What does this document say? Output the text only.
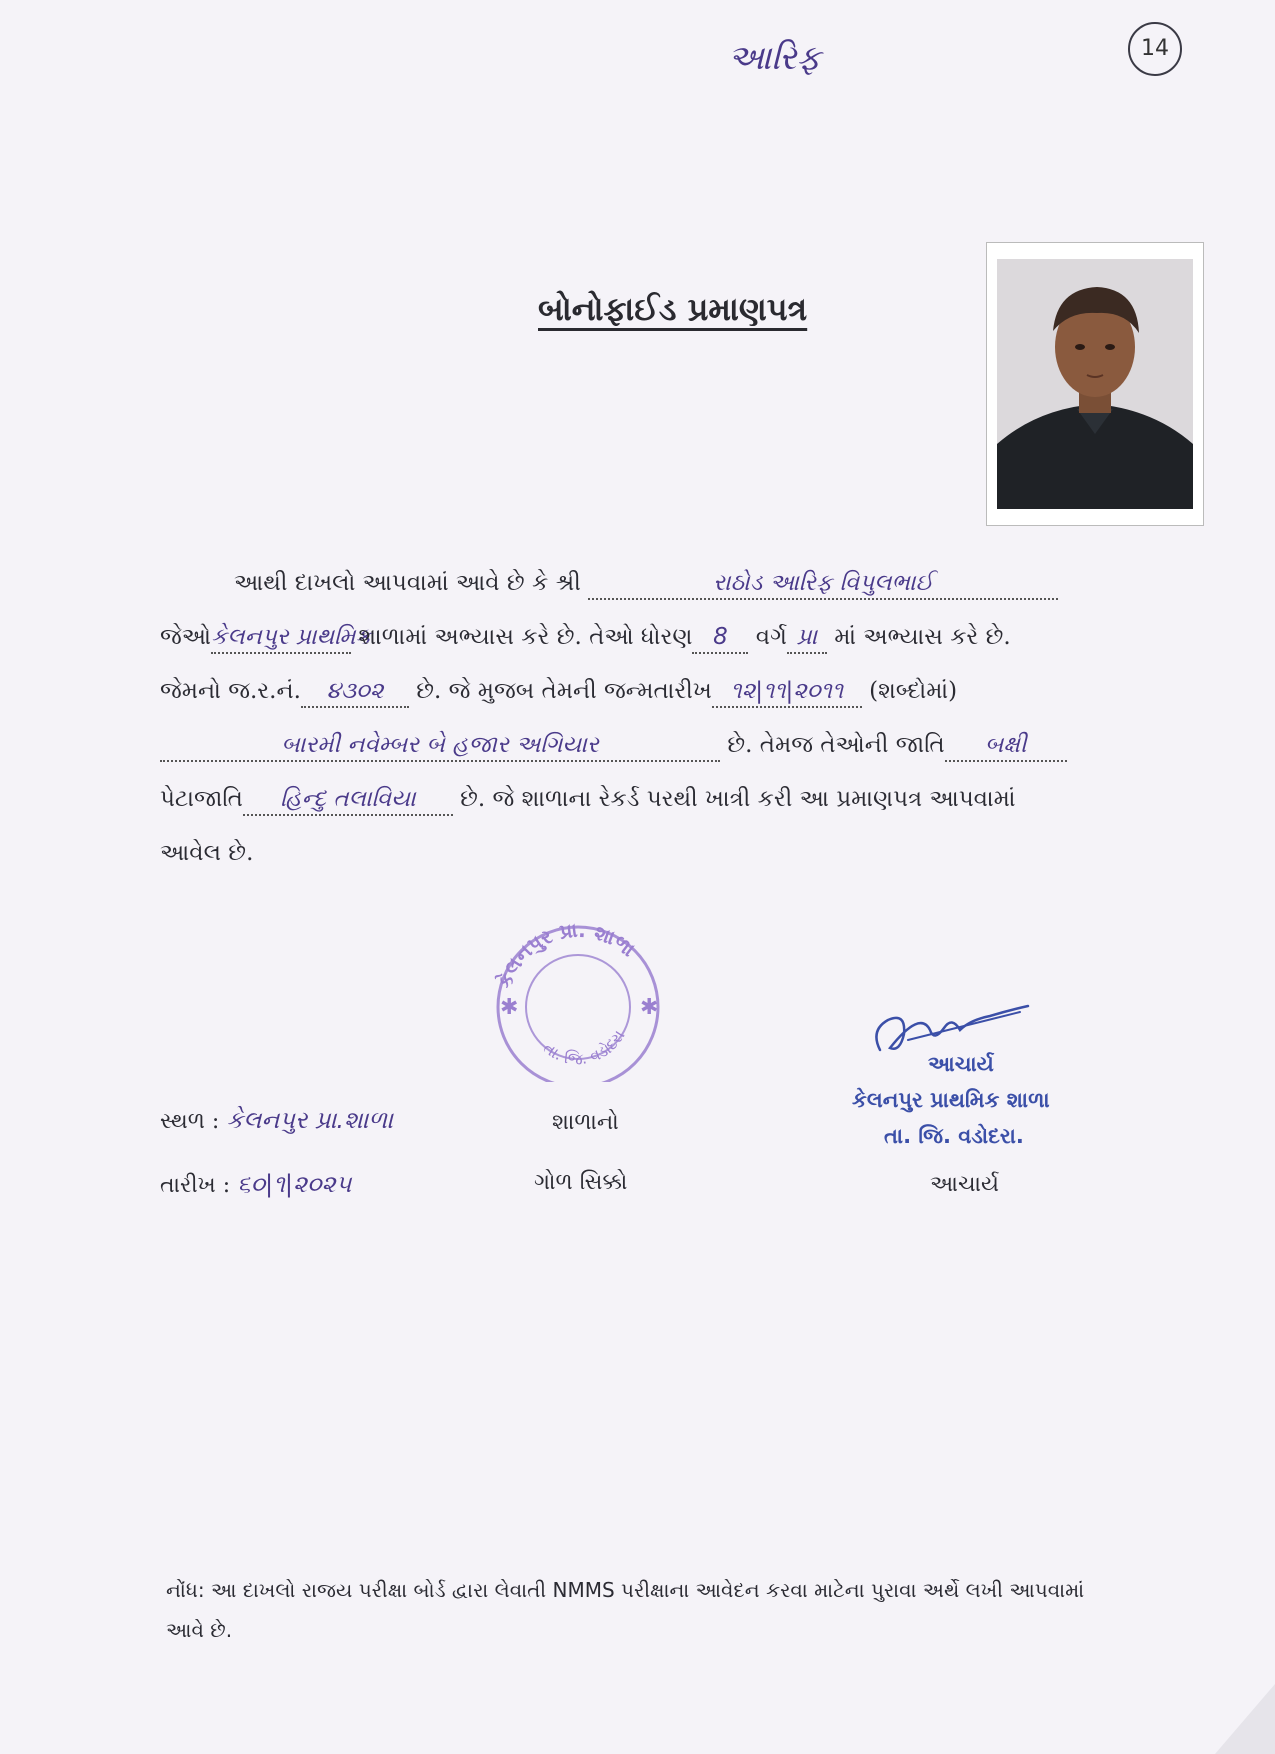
આરિફ	14
બોનોફાઈડ પ્રમાણપત્ર
આથી દાખલો આપવામાં આવે છે કે શ્રી	રાઠોડ આરિફ વિપુલભાઈ
જેઓકેલનપુર પ્રાથમિક શાળામાં અભ્યાસ કરે છે. તેઓ ધોરણ 8 વર્ગ પ્રા માં અભ્યાસ કરે છે.
જેમનો જ.ર.નં. ૪૩૦૨ છે. જે મુજબ તેમની જન્મતારીખ ૧૨|૧૧|૨૦૧૧ (શબ્દોમાં)
બારમી નવેમ્બર બે હજાર અગિયાર	છે. તેમજ તેઓની જાતિ બક્ષી
પેટાજાતિ હિન્દુ તલાવિયા છે. જે શાળાના રેકર્ડ પરથી ખાત્રી કરી આ પ્રમાણપત્ર આપવામાં
આવેલ છે.
કેલનપુર પ્રા. શાળા
તા. જિ. વડોદરા
✱	✱
સ્થળ : કેલનપુર પ્રા.શાળા
તારીખ : ૬૦|૧|૨૦૨૫
શાળાનો
ગોળ સિક્કો
આચાર્ય
કેલનપુર પ્રાથમિક શાળા
તા. જિ. વડોદરા.
આચાર્ય
નોંધ: આ દાખલો રાજય પરીક્ષા બોર્ડ દ્વારા લેવાતી NMMS પરીક્ષાના આવેદન કરવા માટેના પુરાવા અર્થે લખી આપવામાં આવે છે.
